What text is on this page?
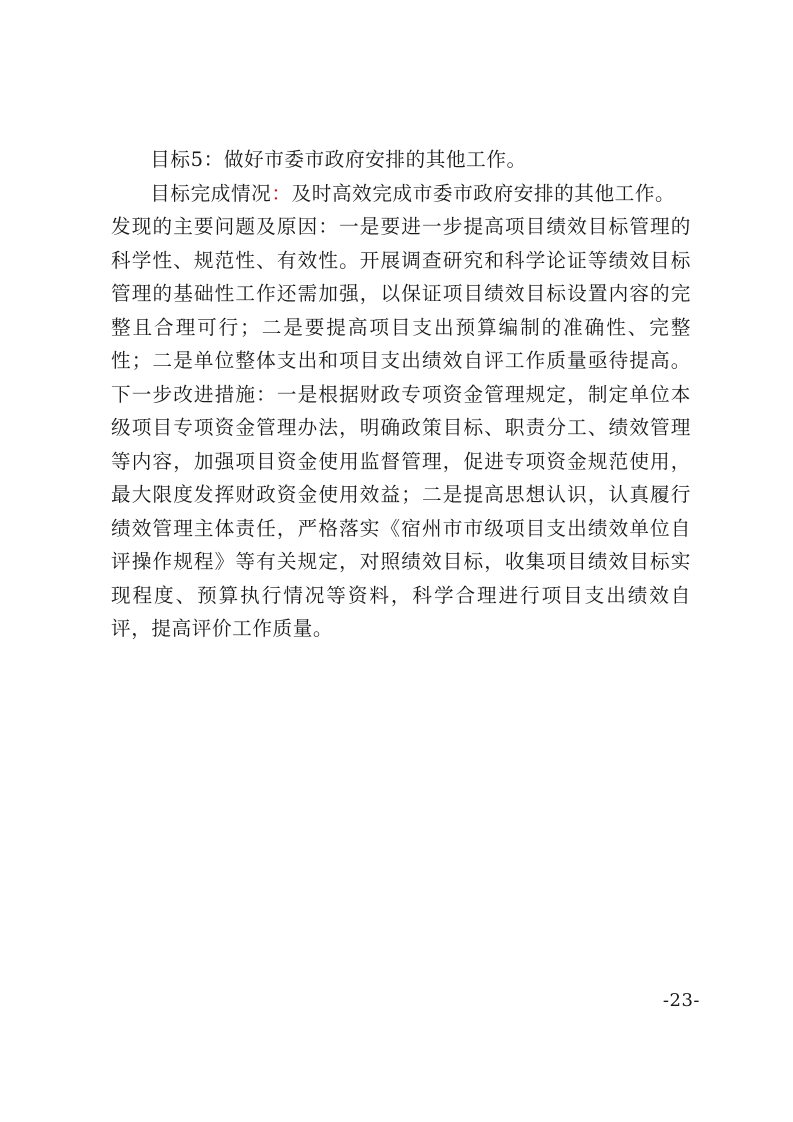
目标5：做好市委市政府安排的其他工作。

目标完成情况：及时高效完成市委市政府安排的其他工作。

发现的主要问题及原因：一是要进一步提高项目绩效目标管理的科学性、规范性、有效性。开展调查研究和科学论证等绩效目标管理的基础性工作还需加强，以保证项目绩效目标设置内容的完整且合理可行；二是要提高项目支出预算编制的准确性、完整性；二是单位整体支出和项目支出绩效自评工作质量亟待提高。下一步改进措施：一是根据财政专项资金管理规定，制定单位本级项目专项资金管理办法，明确政策目标、职责分工、绩效管理等内容，加强项目资金使用监督管理，促进专项资金规范使用，最大限度发挥财政资金使用效益；二是提高思想认识，认真履行绩效管理主体责任，严格落实《宿州市市级项目支出绩效单位自评操作规程》等有关规定，对照绩效目标，收集项目绩效目标实现程度、预算执行情况等资料，科学合理进行项目支出绩效自评，提高评价工作质量。

-23-
